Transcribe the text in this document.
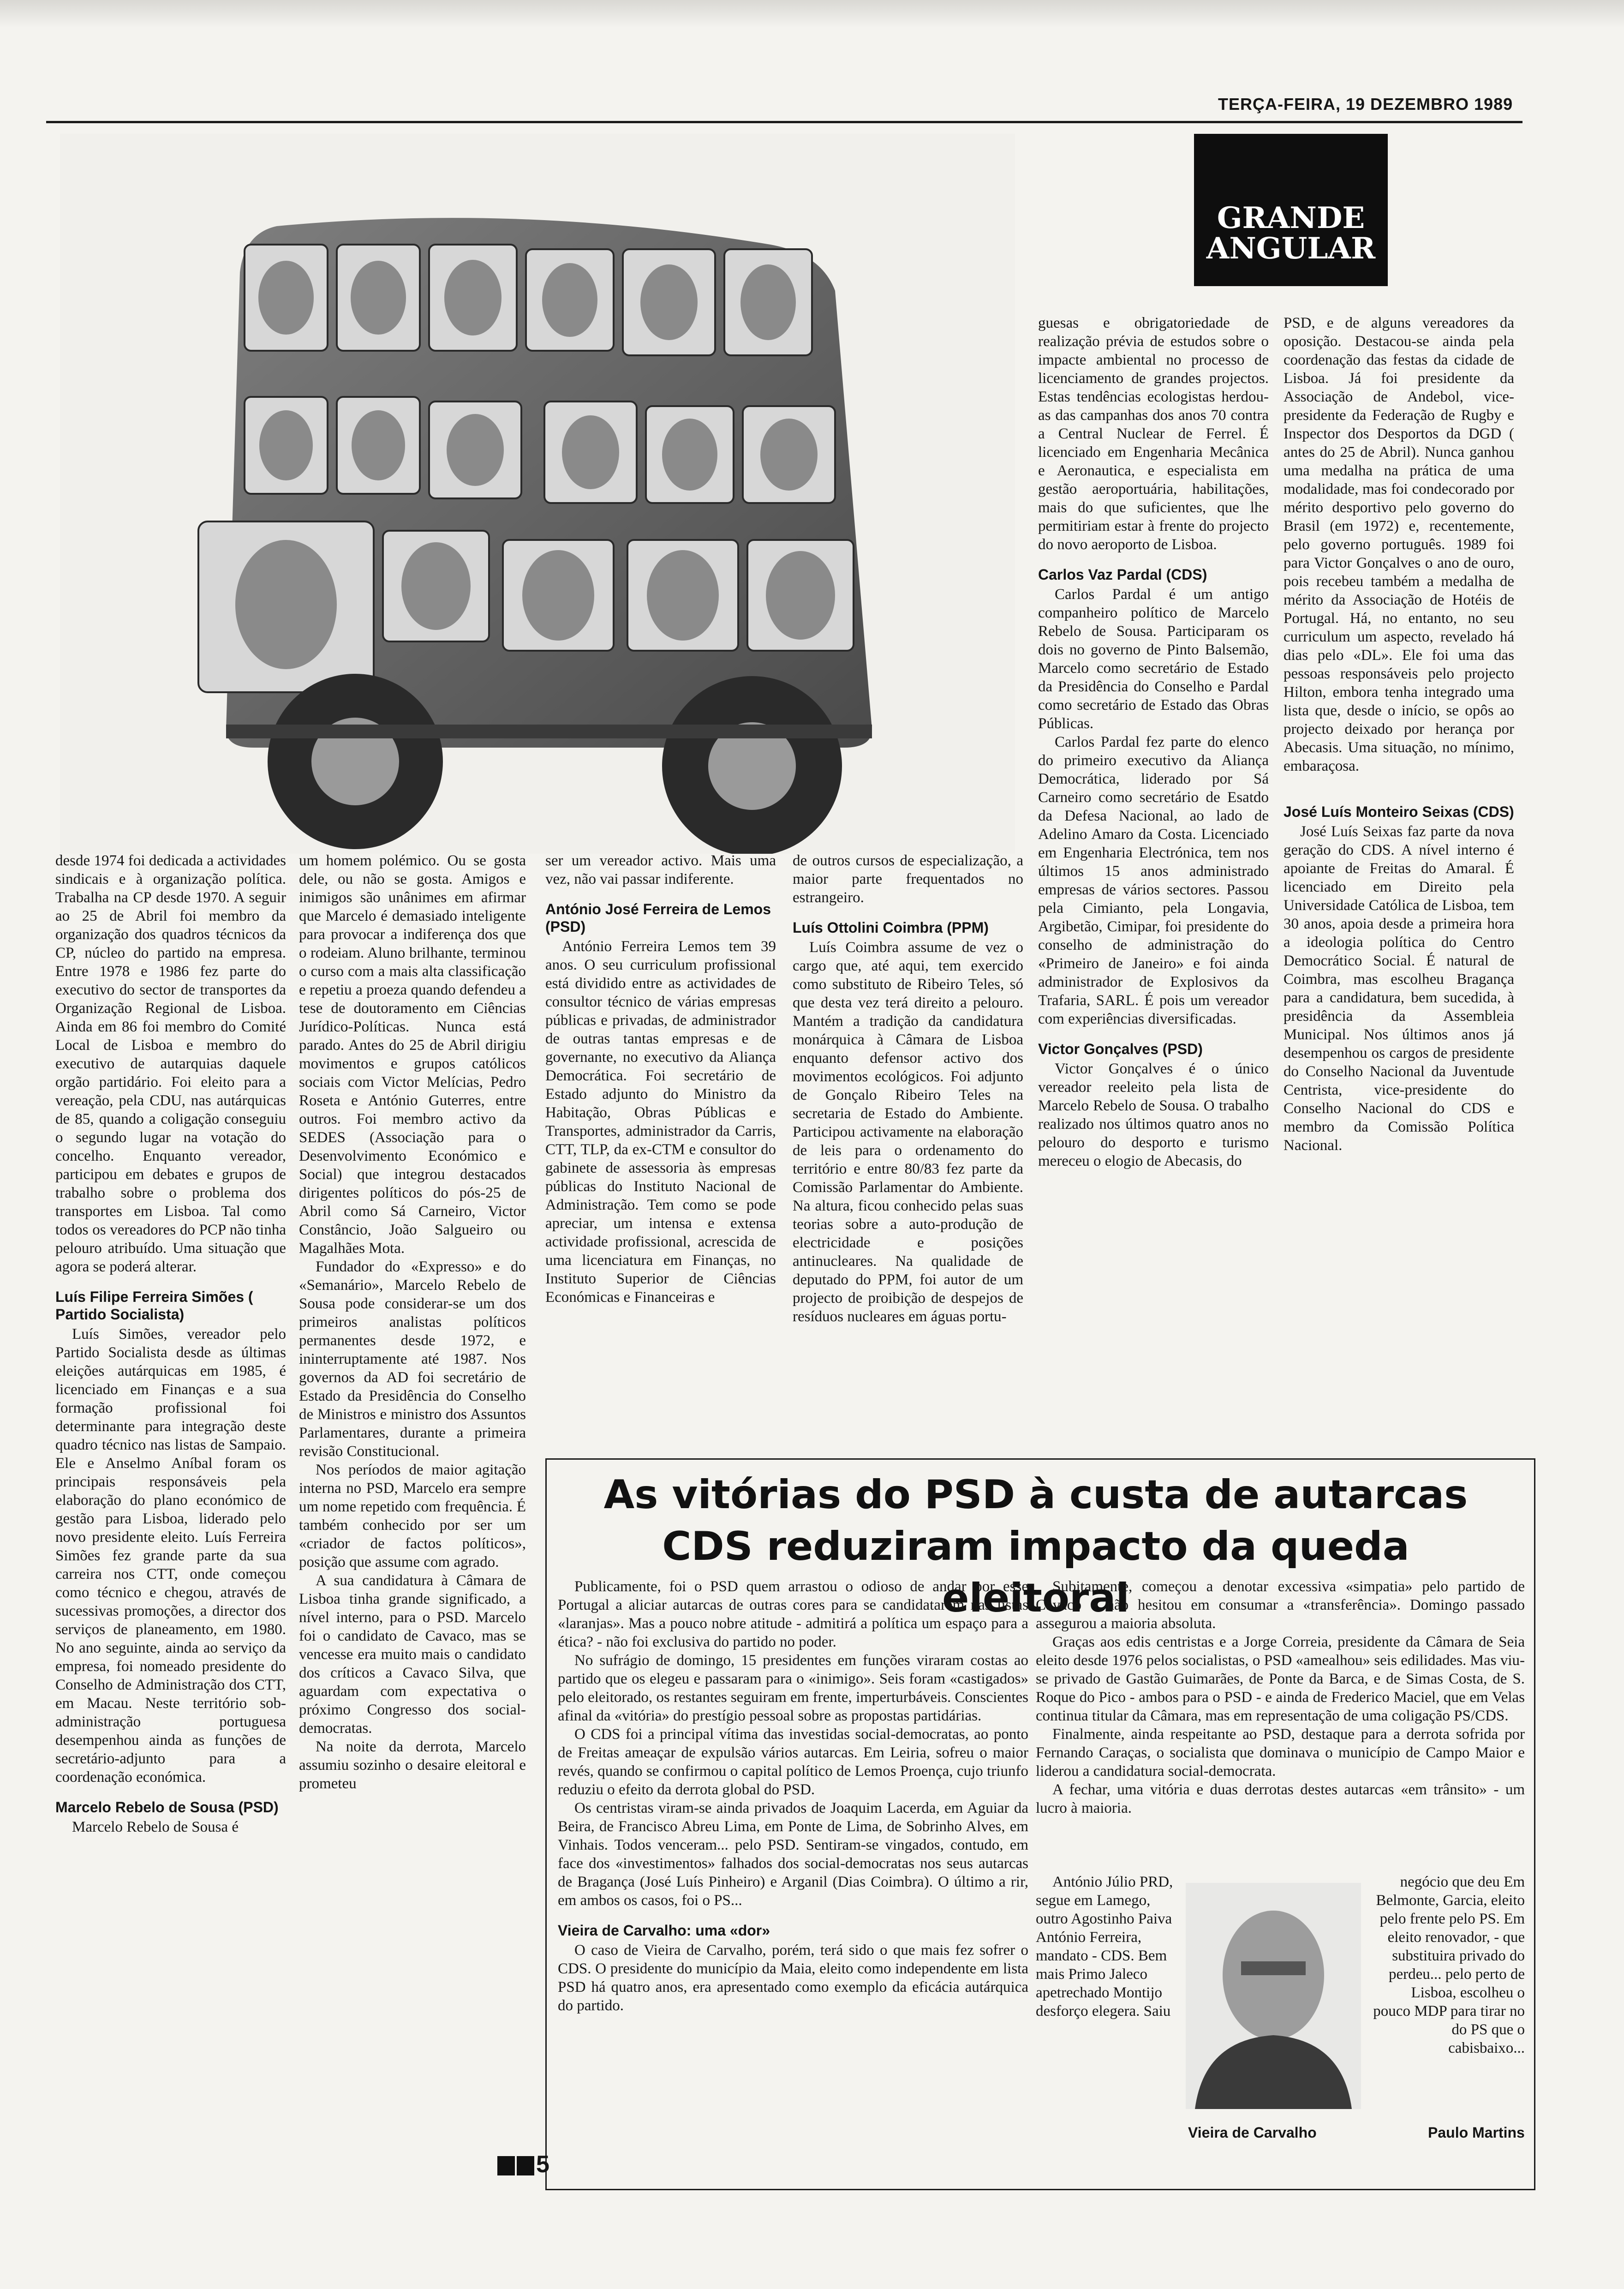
TERÇA-FEIRA, 19 DEZEMBRO 1989
GRANDE
ANGULAR

desde 1974 foi dedicada a actividades sindicais e à organização política. Trabalha na CP desde 1970. A seguir ao 25 de Abril foi membro da organização dos quadros técnicos da CP, núcleo do partido na empresa. Entre 1978 e 1986 fez parte do executivo do sector de transportes da Organização Regional de Lisboa. Ainda em 86 foi membro do Comité Local de Lisboa e membro do executivo de autarquias daquele orgão partidário. Foi eleito para a vereação, pela CDU, nas autárquicas de 85, quando a coligação conseguiu o segundo lugar na votação do concelho. Enquanto vereador, participou em debates e grupos de trabalho sobre o problema dos transportes em Lisboa. Tal como todos os vereadores do PCP não tinha pelouro atribuído. Uma situação que agora se poderá alterar.

Luís Filipe Ferreira Simões ( Partido Socialista)

Luís Simões, vereador pelo Partido Socialista desde as últimas eleições autárquicas em 1985, é licenciado em Finanças e a sua formação profissional foi determinante para integração deste quadro técnico nas listas de Sampaio. Ele e Anselmo Aníbal foram os principais responsáveis pela elaboração do plano económico de gestão para Lisboa, liderado pelo novo presidente eleito. Luís Ferreira Simões fez grande parte da sua carreira nos CTT, onde começou como técnico e chegou, através de sucessivas promoções, a director dos serviços de planeamento, em 1980. No ano seguinte, ainda ao serviço da empresa, foi nomeado presidente do Conselho de Administração dos CTT, em Macau. Neste território sob-administração portuguesa desempenhou ainda as funções de secretário-adjunto para a coordenação económica.

Marcelo Rebelo de Sousa (PSD)

Marcelo Rebelo de Sousa é

um homem polémico. Ou se gosta dele, ou não se gosta. Amigos e inimigos são unânimes em afirmar que Marcelo é demasiado inteligente para provocar a indiferença dos que o rodeiam. Aluno brilhante, terminou o curso com a mais alta classificação e repetiu a proeza quando defendeu a tese de doutoramento em Ciências Jurídico-Políticas. Nunca está parado. Antes do 25 de Abril dirigiu movimentos e grupos católicos sociais com Victor Melícias, Pedro Roseta e António Guterres, entre outros. Foi membro activo da SEDES (Associação para o Desenvolvimento Económico e Social) que integrou destacados dirigentes políticos do pós-25 de Abril como Sá Carneiro, Victor Constâncio, João Salgueiro ou Magalhães Mota.

Fundador do «Expresso» e do «Semanário», Marcelo Rebelo de Sousa pode considerar-se um dos primeiros analistas políticos permanentes desde 1972, e ininterruptamente até 1987. Nos governos da AD foi secretário de Estado da Presidência do Conselho de Ministros e ministro dos Assuntos Parlamentares, durante a primeira revisão Constitucional.

Nos períodos de maior agitação interna no PSD, Marcelo era sempre um nome repetido com frequência. É também conhecido por ser um «criador de factos políticos», posição que assume com agrado.

A sua candidatura à Câmara de Lisboa tinha grande significado, a nível interno, para o PSD. Marcelo foi o candidato de Cavaco, mas se vencesse era muito mais o candidato dos críticos a Cavaco Silva, que aguardam com expectativa o próximo Congresso dos social-democratas.

Na noite da derrota, Marcelo assumiu sozinho o desaire eleitoral e prometeu

ser um vereador activo. Mais uma vez, não vai passar indiferente.

António José Ferreira de Lemos (PSD)

António Ferreira Lemos tem 39 anos. O seu curriculum profissional está dividido entre as actividades de consultor técnico de várias empresas públicas e privadas, de administrador de outras tantas empresas e de governante, no executivo da Aliança Democrática. Foi secretário de Estado adjunto do Ministro da Habitação, Obras Públicas e Transportes, administrador da Carris, CTT, TLP, da ex-CTM e consultor do gabinete de assessoria às empresas públicas do Instituto Nacional de Administração. Tem como se pode apreciar, um intensa e extensa actividade profissional, acrescida de uma licenciatura em Finanças, no Instituto Superior de Ciências Económicas e Financeiras e

de outros cursos de especialização, a maior parte frequentados no estrangeiro.

Luís Ottolini Coimbra (PPM)

Luís Coimbra assume de vez o cargo que, até aqui, tem exercido como substituto de Ribeiro Teles, só que desta vez terá direito a pelouro. Mantém a tradição da candidatura monárquica à Câmara de Lisboa enquanto defensor activo dos movimentos ecológicos. Foi adjunto de Gonçalo Ribeiro Teles na secretaria de Estado do Ambiente. Participou activamente na elaboração de leis para o ordenamento do território e entre 80/83 fez parte da Comissão Parlamentar do Ambiente. Na altura, ficou conhecido pelas suas teorias sobre a auto-produção de electricidade e posições antinucleares. Na qualidade de deputado do PPM, foi autor de um projecto de proibição de despejos de resíduos nucleares em águas portu-

guesas e obrigatoriedade de realização prévia de estudos sobre o impacte ambiental no processo de licenciamento de grandes projectos. Estas tendências ecologistas herdou-as das campanhas dos anos 70 contra a Central Nuclear de Ferrel. É licenciado em Engenharia Mecânica e Aeronautica, e especialista em gestão aeroportuária, habilitações, mais do que suficientes, que lhe permitiriam estar à frente do projecto do novo aeroporto de Lisboa.

Carlos Vaz Pardal (CDS)

Carlos Pardal é um antigo companheiro político de Marcelo Rebelo de Sousa. Participaram os dois no governo de Pinto Balsemão, Marcelo como secretário de Estado da Presidência do Conselho e Pardal como secretário de Estado das Obras Públicas.

Carlos Pardal fez parte do elenco do primeiro executivo da Aliança Democrática, liderado por Sá Carneiro como secretário de Esatdo da Defesa Nacional, ao lado de Adelino Amaro da Costa. Licenciado em Engenharia Electrónica, tem nos últimos 15 anos administrado empresas de vários sectores. Passou pela Cimianto, pela Longavia, Argibetão, Cimipar, foi presidente do conselho de administração do «Primeiro de Janeiro» e foi ainda administrador de Explosivos da Trafaria, SARL. É pois um vereador com experiências diversificadas.

Victor Gonçalves (PSD)

Victor Gonçalves é o único vereador reeleito pela lista de Marcelo Rebelo de Sousa. O trabalho realizado nos últimos quatro anos no pelouro do desporto e turismo mereceu o elogio de Abecasis, do

PSD, e de alguns vereadores da oposição. Destacou-se ainda pela coordenação das festas da cidade de Lisboa. Já foi presidente da Associação de Andebol, vice-presidente da Federação de Rugby e Inspector dos Desportos da DGD ( antes do 25 de Abril). Nunca ganhou uma medalha na prática de uma modalidade, mas foi condecorado por mérito desportivo pelo governo do Brasil (em 1972) e, recentemente, pelo governo português. 1989 foi para Victor Gonçalves o ano de ouro, pois recebeu também a medalha de mérito da Associação de Hotéis de Portugal. Há, no entanto, no seu curriculum um aspecto, revelado há dias pelo «DL». Ele foi uma das pessoas responsáveis pelo projecto Hilton, embora tenha integrado uma lista que, desde o início, se opôs ao projecto deixado por herança por Abecasis. Uma situação, no mínimo, embaraçosa.

José Luís Monteiro Seixas (CDS)

José Luís Seixas faz parte da nova geração do CDS. A nível interno é apoiante de Freitas do Amaral. É licenciado em Direito pela Universidade Católica de Lisboa, tem 30 anos, apoia desde a primeira hora a ideologia política do Centro Democrático Social. É natural de Coimbra, mas escolheu Bragança para a candidatura, bem sucedida, à presidência da Assembleia Municipal. Nos últimos anos já desempenhou os cargos de presidente do Conselho Nacional da Juventude Centrista, vice-presidente do Conselho Nacional do CDS e membro da Comissão Política Nacional.

As vitórias do PSD à custa de autarcas CDS reduziram impacto da queda eleitoral

Publicamente, foi o PSD quem arrastou o odioso de andar por esse Portugal a aliciar autarcas de outras cores para se candidatarem nas listas «laranjas». Mas a pouco nobre atitude - admitirá a política um espaço para a ética? - não foi exclusiva do partido no poder.

No sufrágio de domingo, 15 presidentes em funções viraram costas ao partido que os elegeu e passaram para o «inimigo». Seis foram «castigados» pelo eleitorado, os restantes seguiram em frente, imperturbáveis. Conscientes afinal da «vitória» do prestígio pessoal sobre as propostas partidárias.

O CDS foi a principal vítima das investidas social-democratas, ao ponto de Freitas ameaçar de expulsão vários autarcas. Em Leiria, sofreu o maior revés, quando se confirmou o capital político de Lemos Proença, cujo triunfo reduziu o efeito da derrota global do PSD.

Os centristas viram-se ainda privados de Joaquim Lacerda, em Aguiar da Beira, de Francisco Abreu Lima, em Ponte de Lima, de Sobrinho Alves, em Vinhais. Todos venceram... pelo PSD. Sentiram-se vingados, contudo, em face dos «investimentos» falhados dos social-democratas nos seus autarcas de Bragança (José Luís Pinheiro) e Arganil (Dias Coimbra). O último a rir, em ambos os casos, foi o PS...

Vieira de Carvalho: uma «dor»

O caso de Vieira de Carvalho, porém, terá sido o que mais fez sofrer o CDS. O presidente do município da Maia, eleito como independente em lista PSD há quatro anos, era apresentado como exemplo da eficácia autárquica do partido.

Subitamente, começou a denotar excessiva «simpatia» pelo partido de Cavaco e não hesitou em consumar a «transferência». Domingo passado assegurou a maioria absoluta.

Graças aos edis centristas e a Jorge Correia, presidente da Câmara de Seia eleito desde 1976 pelos socialistas, o PSD «amealhou» seis edilidades. Mas viu-se privado de Gastão Guimarães, de Ponte da Barca, e de Simas Costa, de S. Roque do Pico - ambos para o PSD - e ainda de Frederico Maciel, que em Velas continua titular da Câmara, mas em representação de uma coligação PS/CDS.

Finalmente, ainda respeitante ao PSD, destaque para a derrota sofrida por Fernando Caraças, o socialista que dominava o município de Campo Maior e liderou a candidatura social-democrata.

A fechar, uma vitória e duas derrotas destes autarcas «em trânsito» - um lucro à maioria.

António Júlio PRD, segue em Lamego, outro Agostinho Paiva António Ferreira, mandato - CDS. Bem mais Primo Jaleco apetrechado Montijo desforço elegera. Saiu

negócio que deu Em Belmonte, Garcia, eleito pelo frente pelo PS. Em eleito renovador, - que substituira privado do perdeu... pelo perto de Lisboa, escolheu o pouco MDP para tirar no do PS que o cabisbaixo...

Vieira de Carvalho	Paulo Martins
5
